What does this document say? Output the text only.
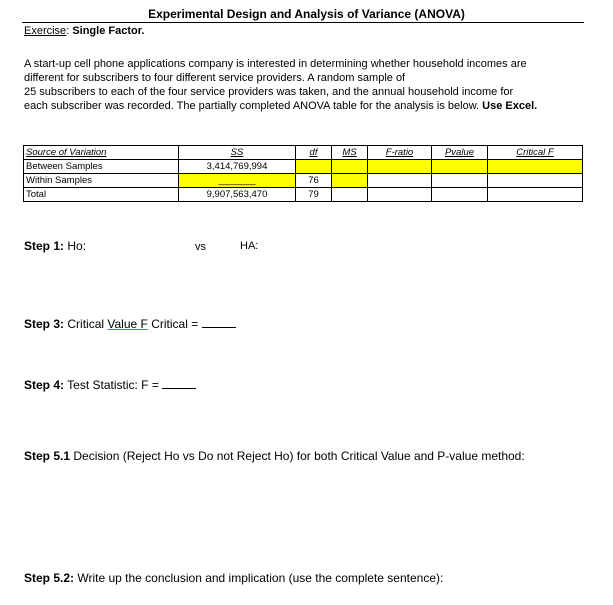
Experimental Design and Analysis of Variance (ANOVA)
Exercise: Single Factor.
A start-up cell phone applications company is interested in determining whether household incomes are
different for subscribers to four different service providers. A random sample of
25 subscribers to each of the four service providers was taken, and the annual household income for
each subscriber was recorded. The partially completed ANOVA table for the analysis is below. Use Excel.
Source of Variation	SS	df	MS	F-ratio	Pvalue	Critical F
Between Samples	3,414,769,994					
Within Samples	_______	76				
Total	9,907,563,470	79				
Step 1: Ho:	vs	HA:
Step 3: Critical Value F Critical =
Step 4: Test Statistic: F =
Step 5.1 Decision (Reject Ho vs Do not Reject Ho) for both Critical Value and P-value method:
Step 5.2: Write up the conclusion and implication (use the complete sentence):
